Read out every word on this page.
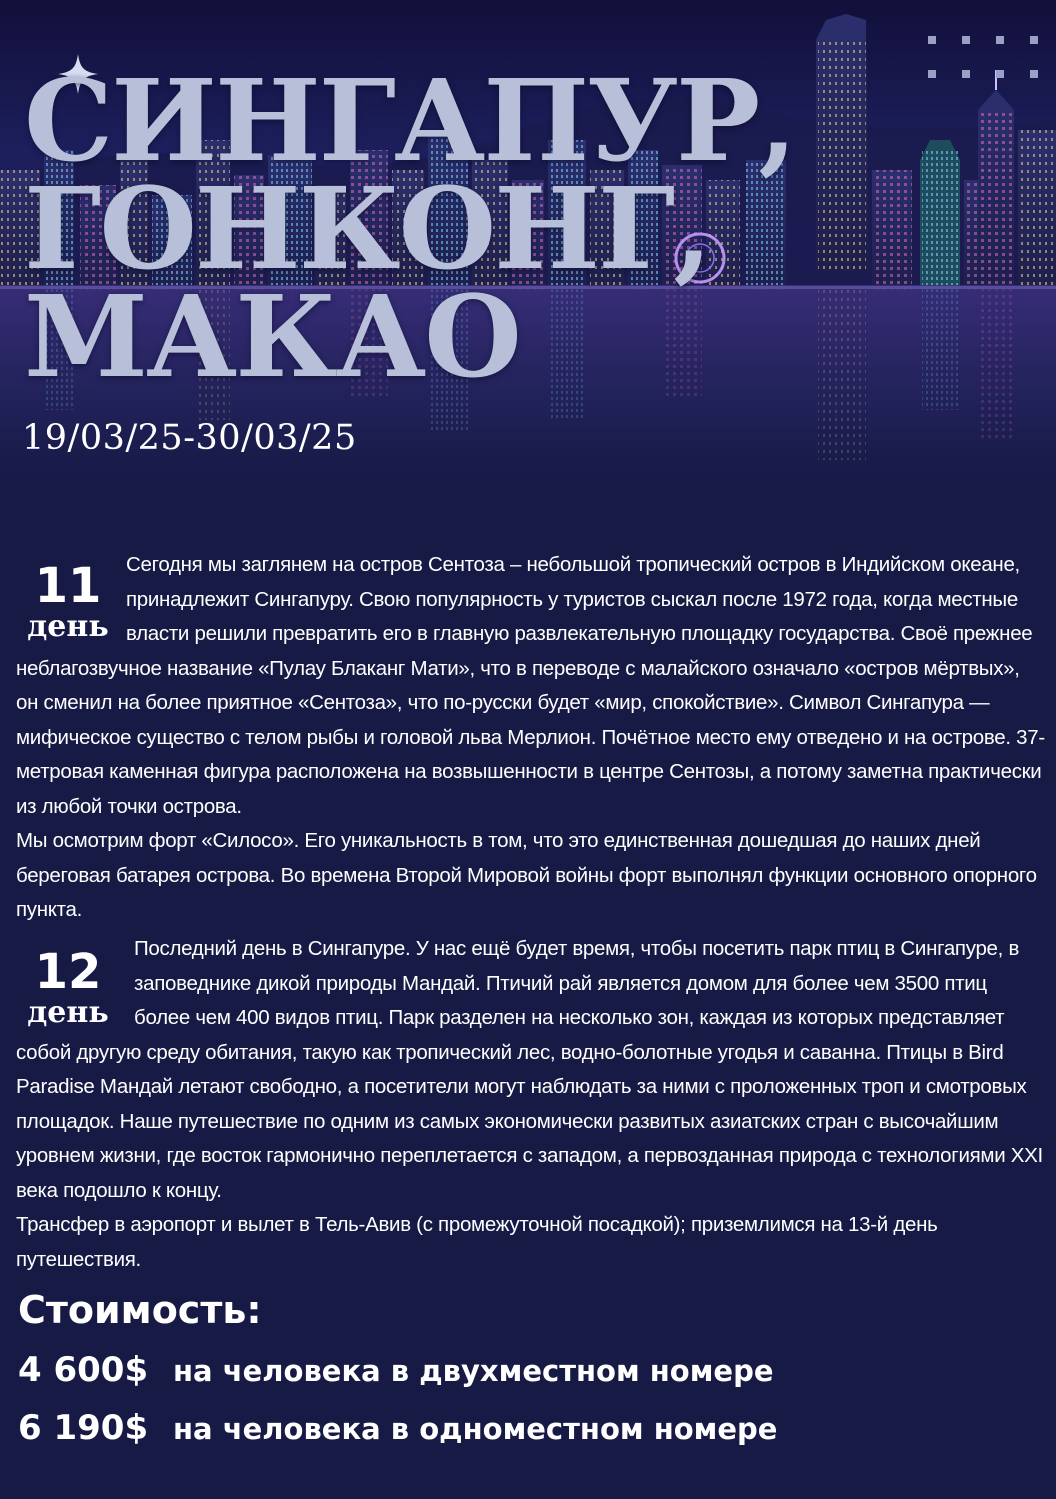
СИНГАПУР,
ГОНКОНГ,
МАКАО

19/03/25-30/03/25

11
день

Сегодня мы заглянем на остров Сентоза – небольшой тропический остров в Индийском океане, принадлежит Сингапуру. Свою популярность у туристов сыскал после 1972 года, когда местные власти решили превратить его в главную развлекательную площадку государства. Своё прежнее неблагозвучное название «Пулау Блаканг Мати», что в переводе с малайского означало «остров мёртвых», он сменил на более приятное «Сентоза», что по-русски будет «мир, спокойствие». Символ Сингапура — мифическое существо с телом рыбы и головой льва Мерлион. Почётное место ему отведено и на острове. 37-метровая каменная фигура расположена на возвышенности в центре Сентозы, а потому заметна практически из любой точки острова.

Мы осмотрим форт «Силосо». Его уникальность в том, что это единственная дошедшая до наших дней береговая батарея острова. Во времена Второй Мировой войны форт выполнял функции основного опорного пункта.

12
день

Последний день в Сингапуре. У нас ещё будет время, чтобы посетить парк птиц в Сингапуре, в заповеднике дикой природы Мандай. Птичий рай является домом для более чем 3500 птиц более чем 400 видов птиц. Парк разделен на несколько зон, каждая из которых представляет собой другую среду обитания, такую как тропический лес, водно-болотные угодья и саванна. Птицы в Bird Paradise Мандай летают свободно, а посетители могут наблюдать за ними с проложенных троп и смотровых площадок. Наше путешествие по одним из самых экономически развитых азиатских стран с высочайшим уровнем жизни, где восток гармонично переплетается с западом, а первозданная природа с технологиями XXI века подошло к концу.

Трансфер в аэропорт и вылет в Тель-Авив (с промежуточной посадкой); приземлимся на 13-й день путешествия.

Стоимость:
4 600$ на человека в двухместном номере
6 190$ на человека в одноместном номере
